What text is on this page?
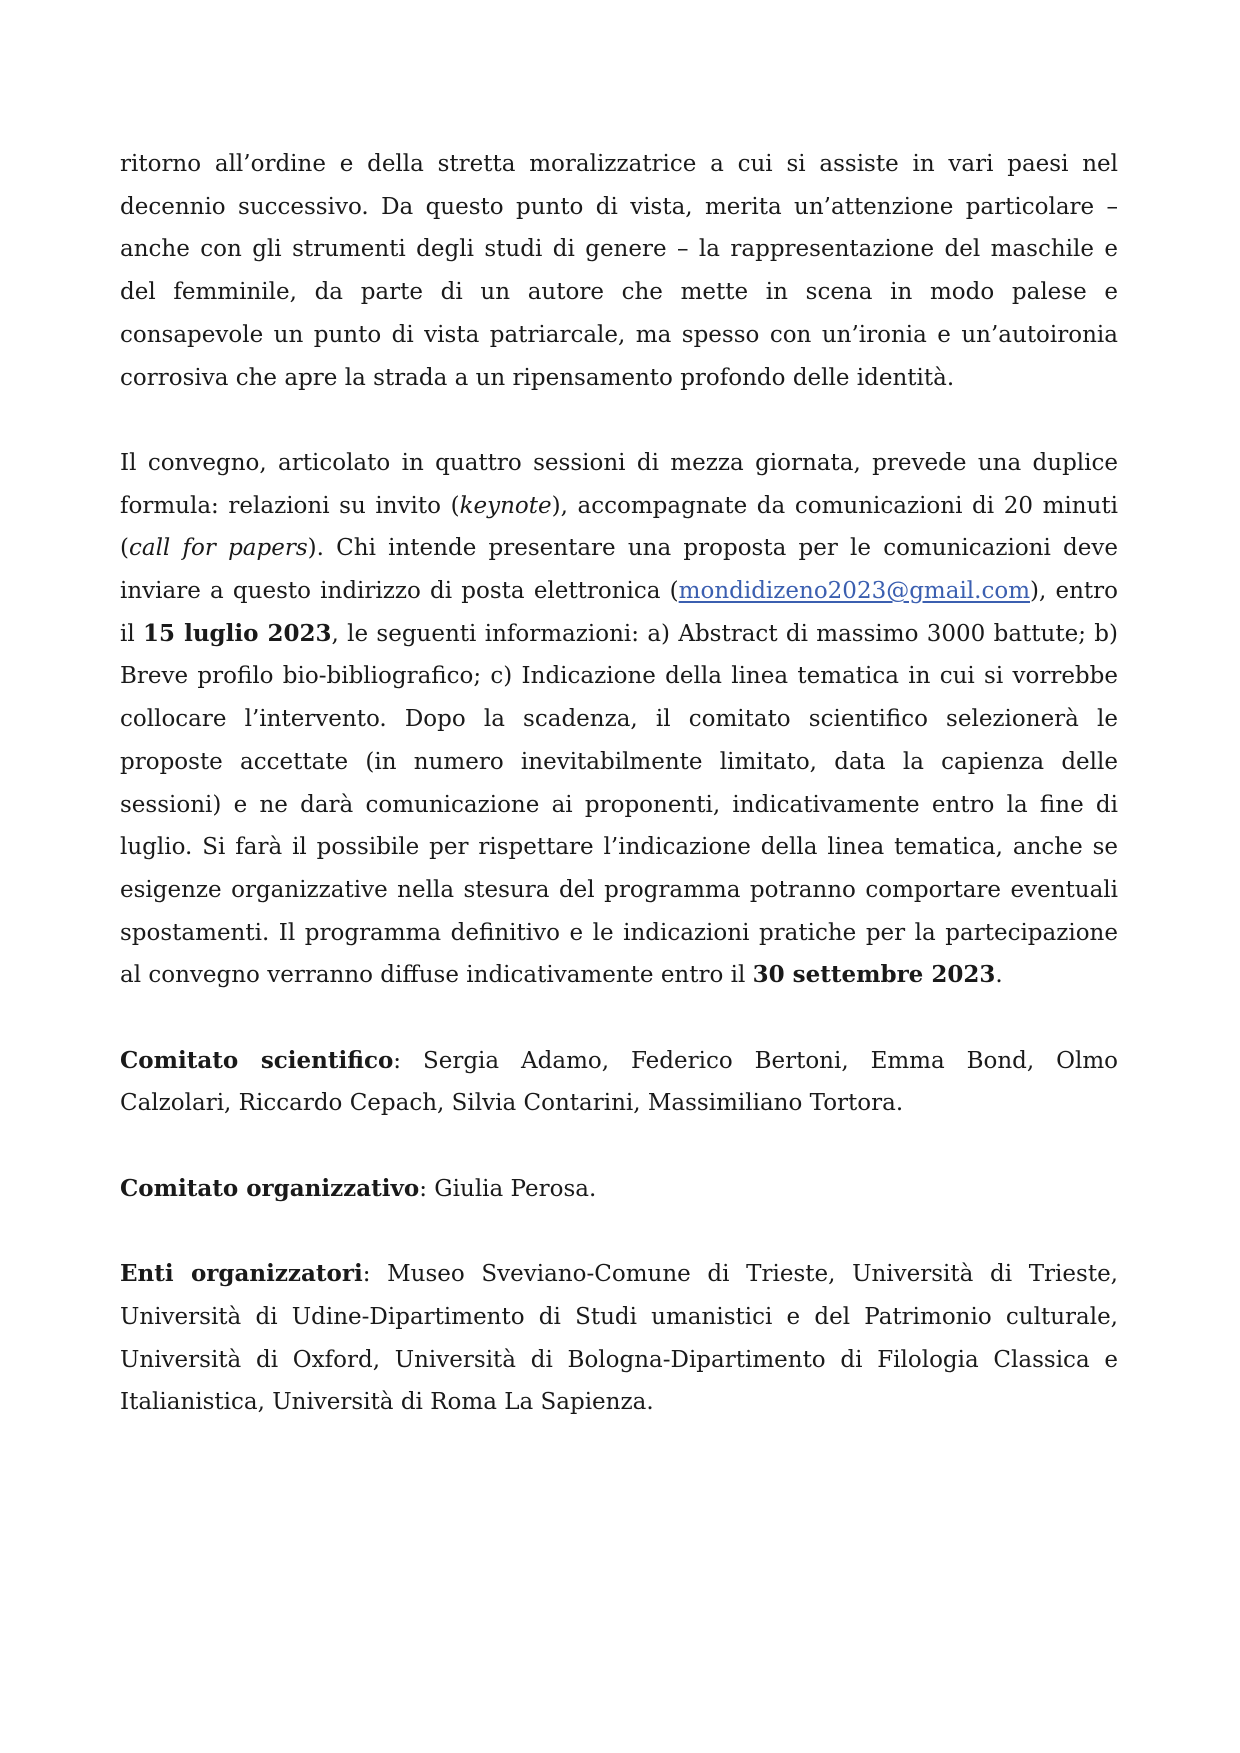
ritorno all’ordine e della stretta moralizzatrice a cui si assiste in vari paesi nel decennio successivo. Da questo punto di vista, merita un’attenzione particolare – anche con gli strumenti degli studi di genere – la rappresentazione del maschile e del femminile, da parte di un autore che mette in scena in modo palese e consapevole un punto di vista patriarcale, ma spesso con un’ironia e un’autoironia corrosiva che apre la strada a un ripensamento profondo delle identità.

Il convegno, articolato in quattro sessioni di mezza giornata, prevede una duplice formula: relazioni su invito (keynote), accompagnate da comunicazioni di 20 minuti (call for papers). Chi intende presentare una proposta per le comunicazioni deve inviare a questo indirizzo di posta elettronica (mondidizeno2023@gmail.com), entro il 15 luglio 2023, le seguenti informazioni: a) Abstract di massimo 3000 battute; b) Breve profilo bio-bibliografico; c) Indicazione della linea tematica in cui si vorrebbe collocare l’intervento. Dopo la scadenza, il comitato scientifico selezionerà le proposte accettate (in numero inevitabilmente limitato, data la capienza delle sessioni) e ne darà comunicazione ai proponenti, indicativamente entro la fine di luglio. Si farà il possibile per rispettare l’indicazione della linea tematica, anche se esigenze organizzative nella stesura del programma potranno comportare eventuali spostamenti. Il programma definitivo e le indicazioni pratiche per la partecipazione al convegno verranno diffuse indicativamente entro il 30 settembre 2023.

Comitato scientifico: Sergia Adamo, Federico Bertoni, Emma Bond, Olmo Calzolari, Riccardo Cepach, Silvia Contarini, Massimiliano Tortora.

Comitato organizzativo: Giulia Perosa.

Enti organizzatori: Museo Sveviano-Comune di Trieste, Università di Trieste, Università di Udine-Dipartimento di Studi umanistici e del Patrimonio culturale, Università di Oxford, Università di Bologna-Dipartimento di Filologia Classica e Italianistica, Università di Roma La Sapienza.
